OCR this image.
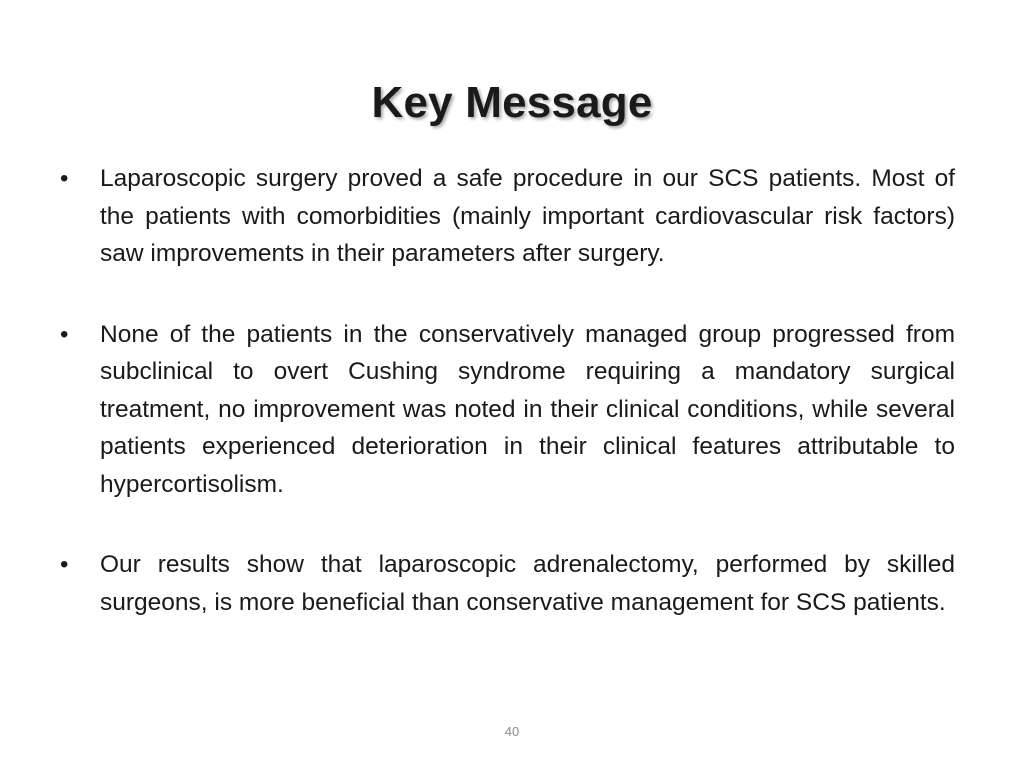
Key Message
•	Laparoscopic surgery proved a safe procedure in our SCS patients. Most of the patients with comorbidities (mainly important cardiovascular risk factors) saw improvements in their parameters after surgery.
•	None of the patients in the conservatively managed group progressed from subclinical to overt Cushing syndrome requiring a mandatory surgical treatment, no improvement was noted in their clinical conditions, while several patients experienced deterioration in their clinical features attributable to hypercortisolism.
•	Our results show that laparoscopic adrenalectomy, performed by skilled surgeons, is more beneficial than conservative management for SCS patients.
40
